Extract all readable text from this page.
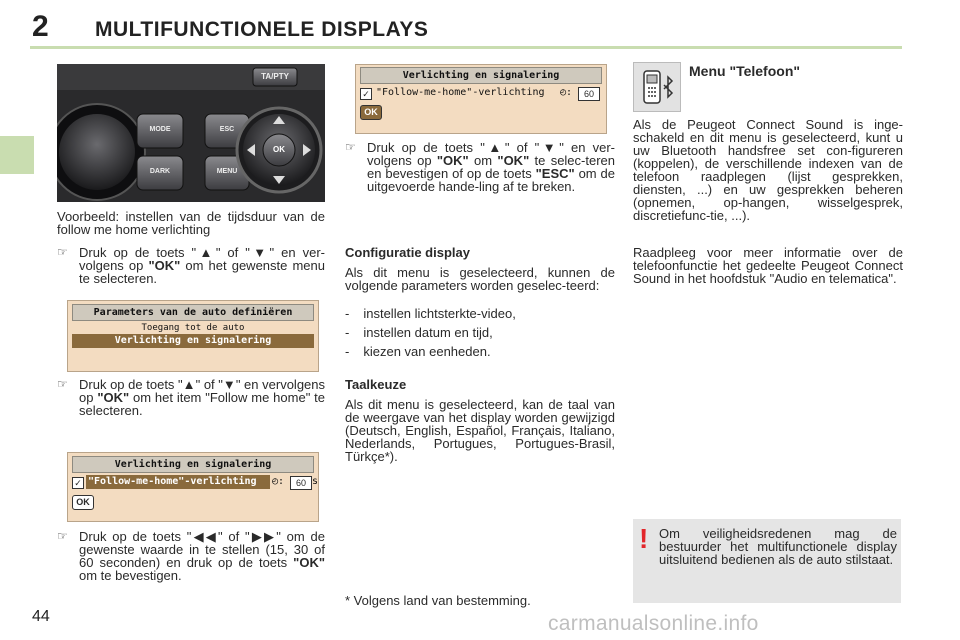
2 MULTIFUNCTIONELE DISPLAYS
TA/PTY
MODE
DARK
ESC
MENU
OK
Voorbeeld: instellen van de tijdsduur van de follow me home verlichting
☞ Druk op de toets "▲" of "▼" en ver-volgens op "OK" om het gewenste menu te selecteren.
Parameters van de auto definiëren
Toegang tot de auto
Verlichting en signalering
☞ Druk op de toets "▲" of "▼" en vervolgens op "OK" om het item "Follow me home" te selecteren.
Verlichting en signalering
✓ "Follow-me-home"-verlichting	◴:	60 s
OK
☞ Druk op de toets "◀◀" of "▶▶" om de gewenste waarde in te stellen (15, 30 of 60 seconden) en druk op de toets "OK" om te bevestigen.
Verlichting en signalering
✓ "Follow-me-home"-verlichting	◴:	60
OK
☞ Druk op de toets "▲" of "▼" en ver-volgens op "OK" om "OK" te selec-teren en bevestigen of op de toets "ESC" om de uitgevoerde hande-ling af te breken.
Configuratie display
Als dit menu is geselecteerd, kunnen de volgende parameters worden geselec-teerd:
- instellen lichtsterkte-video,
- instellen datum en tijd,
- kiezen van eenheden.
Taalkeuze
Als dit menu is geselecteerd, kan de taal van de weergave van het display worden gewijzigd (Deutsch, English, Español, Français, Italiano, Nederlands, Portugues, Portugues-Brasil, Türkçe*).
* Volgens land van bestemming.
Menu "Telefoon"
Als de Peugeot Connect Sound is inge-schakeld en dit menu is geselecteerd, kunt u uw Bluetooth handsfree set con-figureren (koppelen), de verschillende indexen van de telefoon raadplegen (lijst gesprekken, diensten, ...) en uw gesprekken beheren (opnemen, op-hangen, wisselgesprek, discretiefunc-tie, ...).
Raadpleeg voor meer informatie over de telefoonfunctie het gedeelte Peugeot Connect Sound in het hoofdstuk "Audio en telematica".
! Om veiligheidsredenen mag de bestuurder het multifunctionele display uitsluitend bedienen als de auto stilstaat.
44	carmanualsonline.info
